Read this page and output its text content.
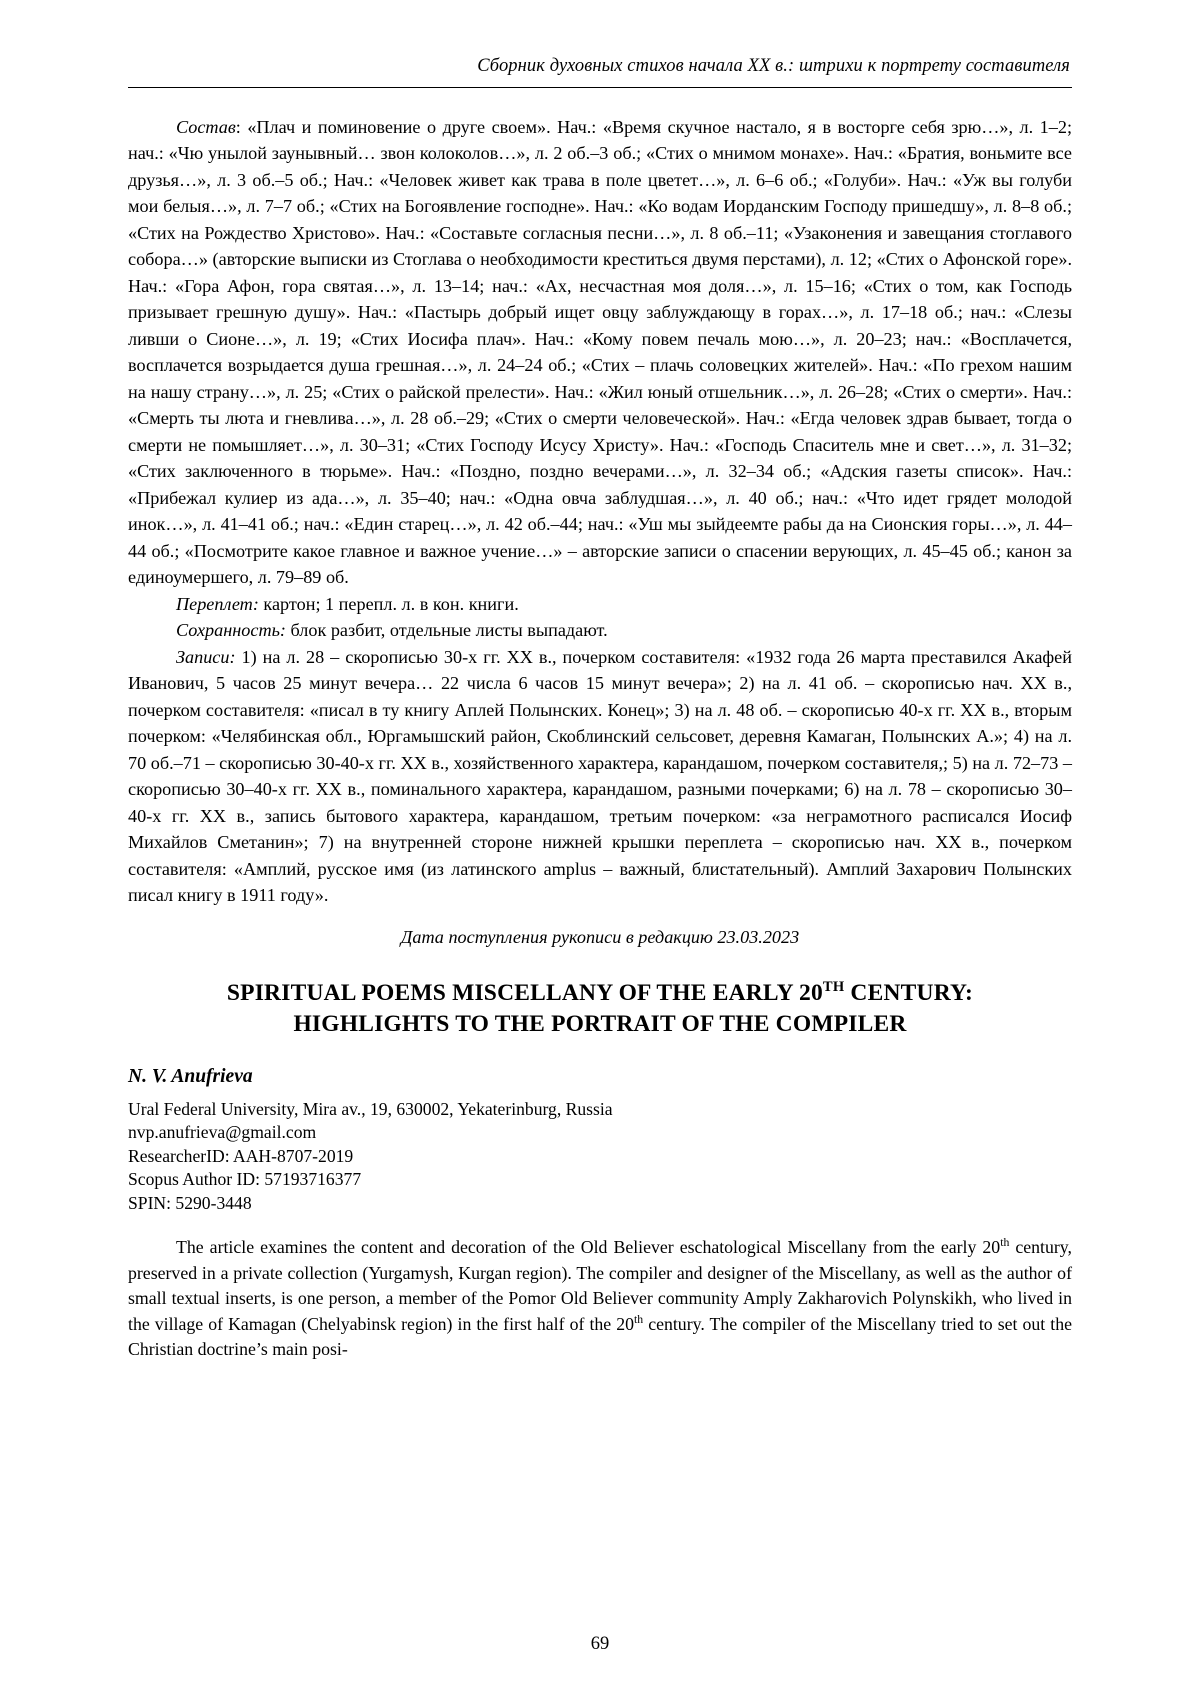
Сборник духовных стихов начала XX в.: штрихи к портрету составителя

Состав: «Плач и поминовение о друге своем». Нач.: «Время скучное настало, я в восторге себя зрю…», л. 1–2; нач.: «Чю унылой заунывный… звон колоколов…», л. 2 об.–3 об.; «Стих о мнимом монахе». Нач.: «Братия, воньмите все друзья…», л. 3 об.–5 об.; Нач.: «Человек живет как трава в поле цветет…», л. 6–6 об.; «Голуби». Нач.: «Уж вы голуби мои белыя…», л. 7–7 об.; «Стих на Богоявление господне». Нач.: «Ко водам Иорданским Господу пришедшу», л. 8–8 об.; «Стих на Рождество Христово». Нач.: «Составьте согласныя песни…», л. 8 об.–11; «Узаконения и завещания стоглавого собора…» (авторские выписки из Стоглава о необходимости креститься двумя перстами), л. 12; «Стих о Афонской горе». Нач.: «Гора Афон, гора святая…», л. 13–14; нач.: «Ах, несчастная моя доля…», л. 15–16; «Стих о том, как Господь призывает грешную душу». Нач.: «Пастырь добрый ищет овцу заблуждающу в горах…», л. 17–18 об.; нач.: «Слезы ливши о Сионе…», л. 19; «Стих Иосифа плач». Нач.: «Кому повем печаль мою…», л. 20–23; нач.: «Восплачется, восплачется возрыдается душа грешная…», л. 24–24 об.; «Стих – плачь соловецких жителей». Нач.: «По грехом нашим на нашу страну…», л. 25; «Стих о райской прелести». Нач.: «Жил юный отшельник…», л. 26–28; «Стих о смерти». Нач.: «Смерть ты люта и гневлива…», л. 28 об.–29; «Стих о смерти человеческой». Нач.: «Егда человек здрав бывает, тогда о смерти не помышляет…», л. 30–31; «Стих Господу Исусу Христу». Нач.: «Господь Спаситель мне и свет…», л. 31–32; «Стих заключенного в тюрьме». Нач.: «Поздно, поздно вечерами…», л. 32–34 об.; «Адския газеты список». Нач.: «Прибежал кулиер из ада…», л. 35–40; нач.: «Одна овча заблудшая…», л. 40 об.; нач.: «Что идет грядет молодой инок…», л. 41–41 об.; нач.: «Един старец…», л. 42 об.–44; нач.: «Уш мы зыйдеемте рабы да на Сионския горы…», л. 44–44 об.; «Посмотрите какое главное и важное учение…» – авторские записи о спасении верующих, л. 45–45 об.; канон за единоумершего, л. 79–89 об.

Переплет: картон; 1 перепл. л. в кон. книги.

Сохранность: блок разбит, отдельные листы выпадают.

Записи: 1) на л. 28 – скорописью 30-х гг. XX в., почерком составителя: «1932 года 26 марта преставился Акафей Иванович, 5 часов 25 минут вечера… 22 числа 6 часов 15 минут вечера»; 2) на л. 41 об. – скорописью нач. XX в., почерком составителя: «писал в ту книгу Аплей Полынских. Конец»; 3) на л. 48 об. – скорописью 40-х гг. XX в., вторым почерком: «Челябинская обл., Юргамышский район, Скоблинский сельсовет, деревня Камаган, Полынских А.»; 4) на л. 70 об.–71 – скорописью 30-40-х гг. XX в., хозяйственного характера, карандашом, почерком составителя,; 5) на л. 72–73 – скорописью 30–40-х гг. XX в., поминального характера, карандашом, разными почерками; 6) на л. 78 – скорописью 30–40-х гг. XX в., запись бытового характера, карандашом, третьим почерком: «за неграмотного расписался Иосиф Михайлов Сметанин»; 7) на внутренней стороне нижней крышки переплета – скорописью нач. XX в., почерком составителя: «Амплий, русское имя (из латинского amplus – важный, блистательный). Амплий Захарович Полынских писал книгу в 1911 году».

Дата поступления рукописи в редакцию 23.03.2023
SPIRITUAL POEMS MISCELLANY OF THE EARLY 20TH CENTURY:
HIGHLIGHTS TO THE PORTRAIT OF THE COMPILER
N. V. Anufrieva
Ural Federal University, Mira av., 19, 630002, Yekaterinburg, Russia
nvp.anufrieva@gmail.com
ResearcherID: AAH-8707-2019
Scopus Author ID: 57193716377
SPIN: 5290-3448

The article examines the content and decoration of the Old Believer eschatological Miscellany from the early 20th century, preserved in a private collection (Yurgamysh, Kurgan region). The compiler and designer of the Miscellany, as well as the author of small textual inserts, is one person, a member of the Pomor Old Believer community Amply Zakharovich Polynskikh, who lived in the village of Kamagan (Chelyabinsk region) in the first half of the 20th century. The compiler of the Miscellany tried to set out the Christian doctrine’s main posi-

69
